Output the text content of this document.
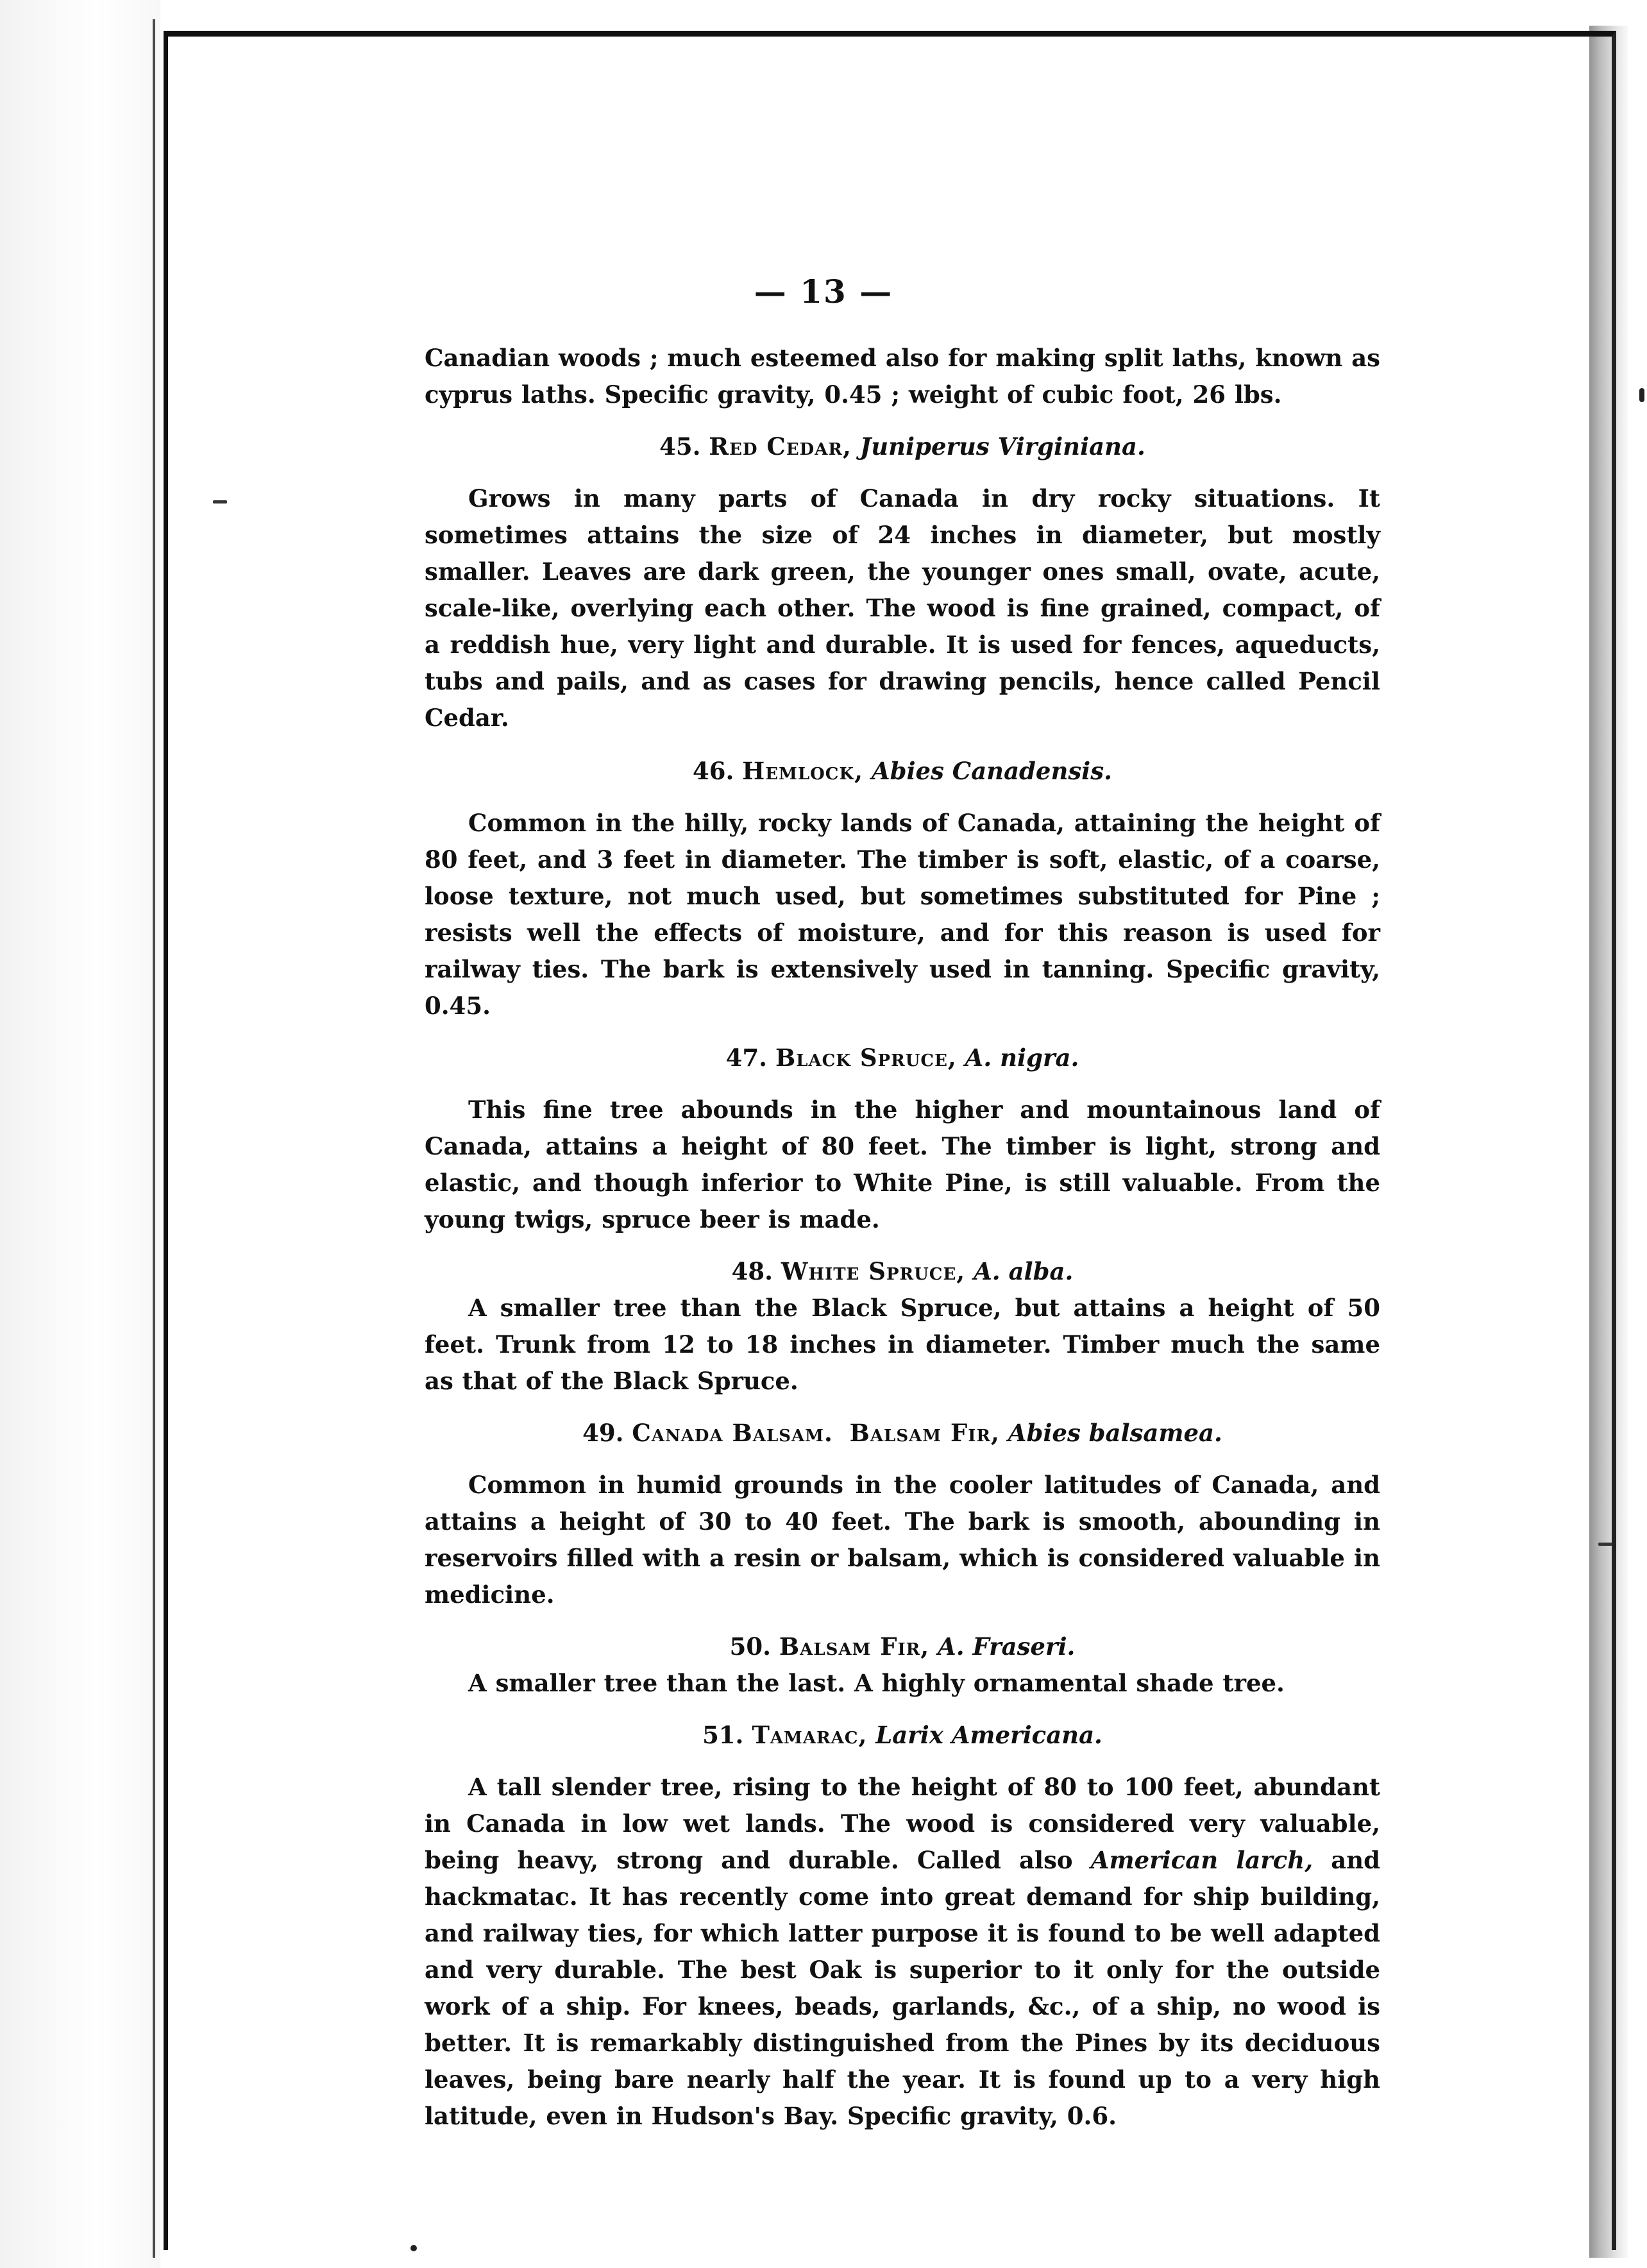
— 13 —

Canadian woods ; much esteemed also for making split laths, known as cyprus laths. Specific gravity, 0.45 ; weight of cubic foot, 26 lbs.

45. Red Cedar, Juniperus Virginiana.

Grows in many parts of Canada in dry rocky situations. It sometimes attains the size of 24 inches in diameter, but mostly smaller. Leaves are dark green, the younger ones small, ovate, acute, scale-like, overlying each other. The wood is fine grained, compact, of a reddish hue, very light and durable. It is used for fences, aqueducts, tubs and pails, and as cases for drawing pencils, hence called Pencil Cedar.

46. Hemlock, Abies Canadensis.

Common in the hilly, rocky lands of Canada, attaining the height of 80 feet, and 3 feet in diameter. The timber is soft, elastic, of a coarse, loose texture, not much used, but sometimes substituted for Pine ; resists well the effects of moisture, and for this reason is used for railway ties. The bark is extensively used in tanning. Specific gravity, 0.45.

47. Black Spruce, A. nigra.

This fine tree abounds in the higher and mountainous land of Canada, attains a height of 80 feet. The timber is light, strong and elastic, and though inferior to White Pine, is still valuable. From the young twigs, spruce beer is made.

48. White Spruce, A. alba.

A smaller tree than the Black Spruce, but attains a height of 50 feet. Trunk from 12 to 18 inches in diameter. Timber much the same as that of the Black Spruce.

49. Canada Balsam. Balsam Fir, Abies balsamea.

Common in humid grounds in the cooler latitudes of Canada, and attains a height of 30 to 40 feet. The bark is smooth, abounding in reservoirs filled with a resin or balsam, which is considered valuable in medicine.

50. Balsam Fir, A. Fraseri.

A smaller tree than the last. A highly ornamental shade tree.

51. Tamarac, Larix Americana.

A tall slender tree, rising to the height of 80 to 100 feet, abundant in Canada in low wet lands. The wood is considered very valuable, being heavy, strong and durable. Called also American larch, and hackmatac. It has recently come into great demand for ship building, and railway ties, for which latter purpose it is found to be well adapted and very durable. The best Oak is superior to it only for the outside work of a ship. For knees, beads, garlands, &c., of a ship, no wood is better. It is remarkably distinguished from the Pines by its deciduous leaves, being bare nearly half the year. It is found up to a very high latitude, even in Hudson's Bay. Specific gravity, 0.6.
